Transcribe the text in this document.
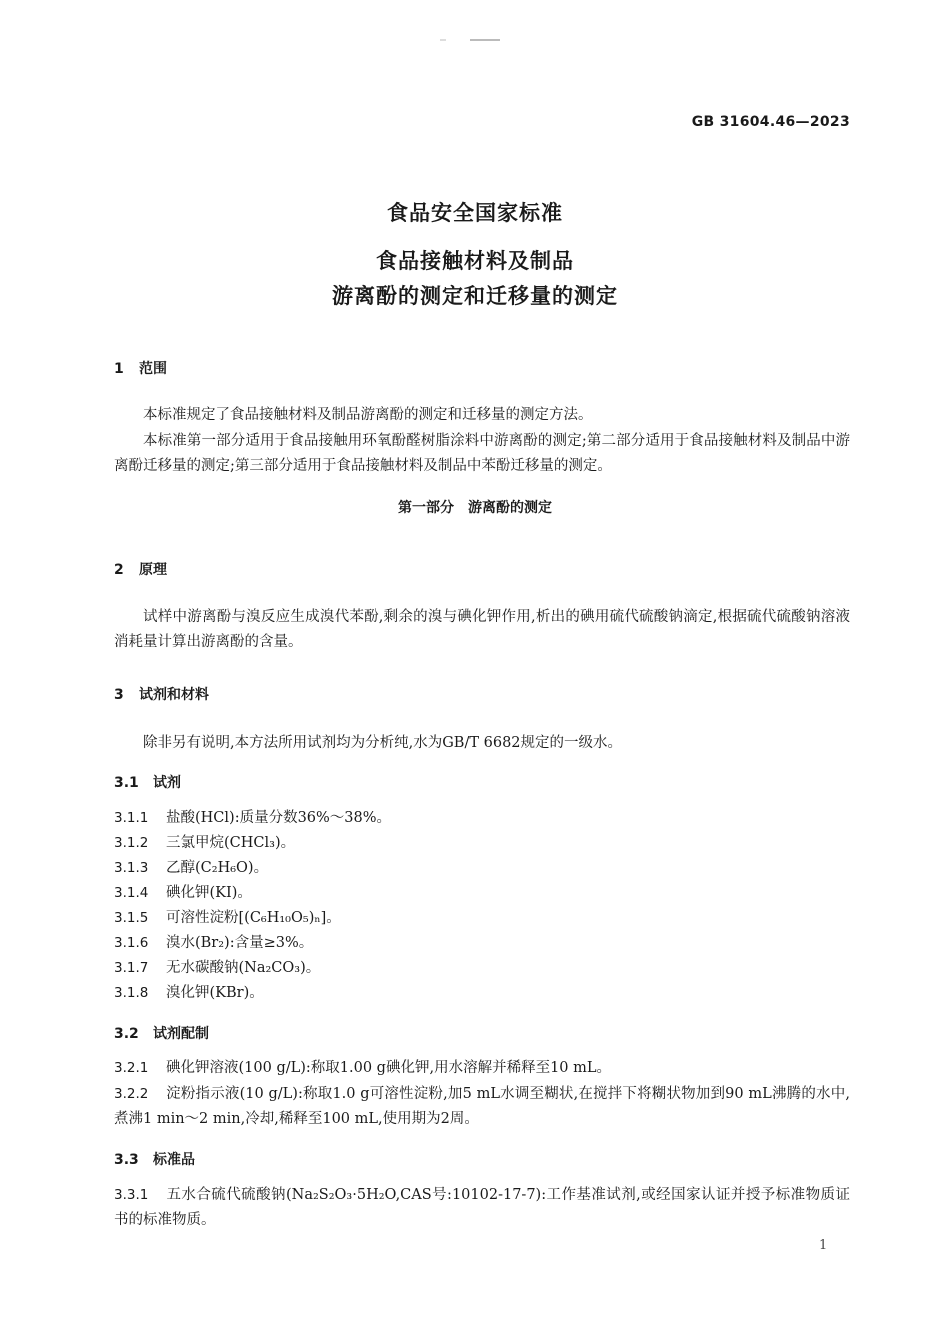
GB 31604.46—2023
食品安全国家标准
食品接触材料及制品
游离酚的测定和迁移量的测定
1 范围
本标准规定了食品接触材料及制品游离酚的测定和迁移量的测定方法。
本标准第一部分适用于食品接触用环氧酚醛树脂涂料中游离酚的测定;第二部分适用于食品接触材料及制品中游离酚迁移量的测定;第三部分适用于食品接触材料及制品中苯酚迁移量的测定。
第一部分　游离酚的测定
2 原理
试样中游离酚与溴反应生成溴代苯酚,剩余的溴与碘化钾作用,析出的碘用硫代硫酸钠滴定,根据硫代硫酸钠溶液消耗量计算出游离酚的含量。
3 试剂和材料
除非另有说明,本方法所用试剂均为分析纯,水为GB/T 6682规定的一级水。
3.1 试剂
3.1.1 盐酸(HCl):质量分数36%～38%。
3.1.2 三氯甲烷(CHCl₃)。
3.1.3 乙醇(C₂H₆O)。
3.1.4 碘化钾(KI)。
3.1.5 可溶性淀粉[(C₆H₁₀O₅)ₙ]。
3.1.6 溴水(Br₂):含量≥3%。
3.1.7 无水碳酸钠(Na₂CO₃)。
3.1.8 溴化钾(KBr)。
3.2 试剂配制
3.2.1 碘化钾溶液(100 g/L):称取1.00 g碘化钾,用水溶解并稀释至10 mL。
3.2.2 淀粉指示液(10 g/L):称取1.0 g可溶性淀粉,加5 mL水调至糊状,在搅拌下将糊状物加到90 mL沸腾的水中,煮沸1 min～2 min,冷却,稀释至100 mL,使用期为2周。
3.3 标准品
3.3.1 五水合硫代硫酸钠(Na₂S₂O₃·5H₂O,CAS号:10102-17-7):工作基准试剂,或经国家认证并授予标准物质证书的标准物质。
1
